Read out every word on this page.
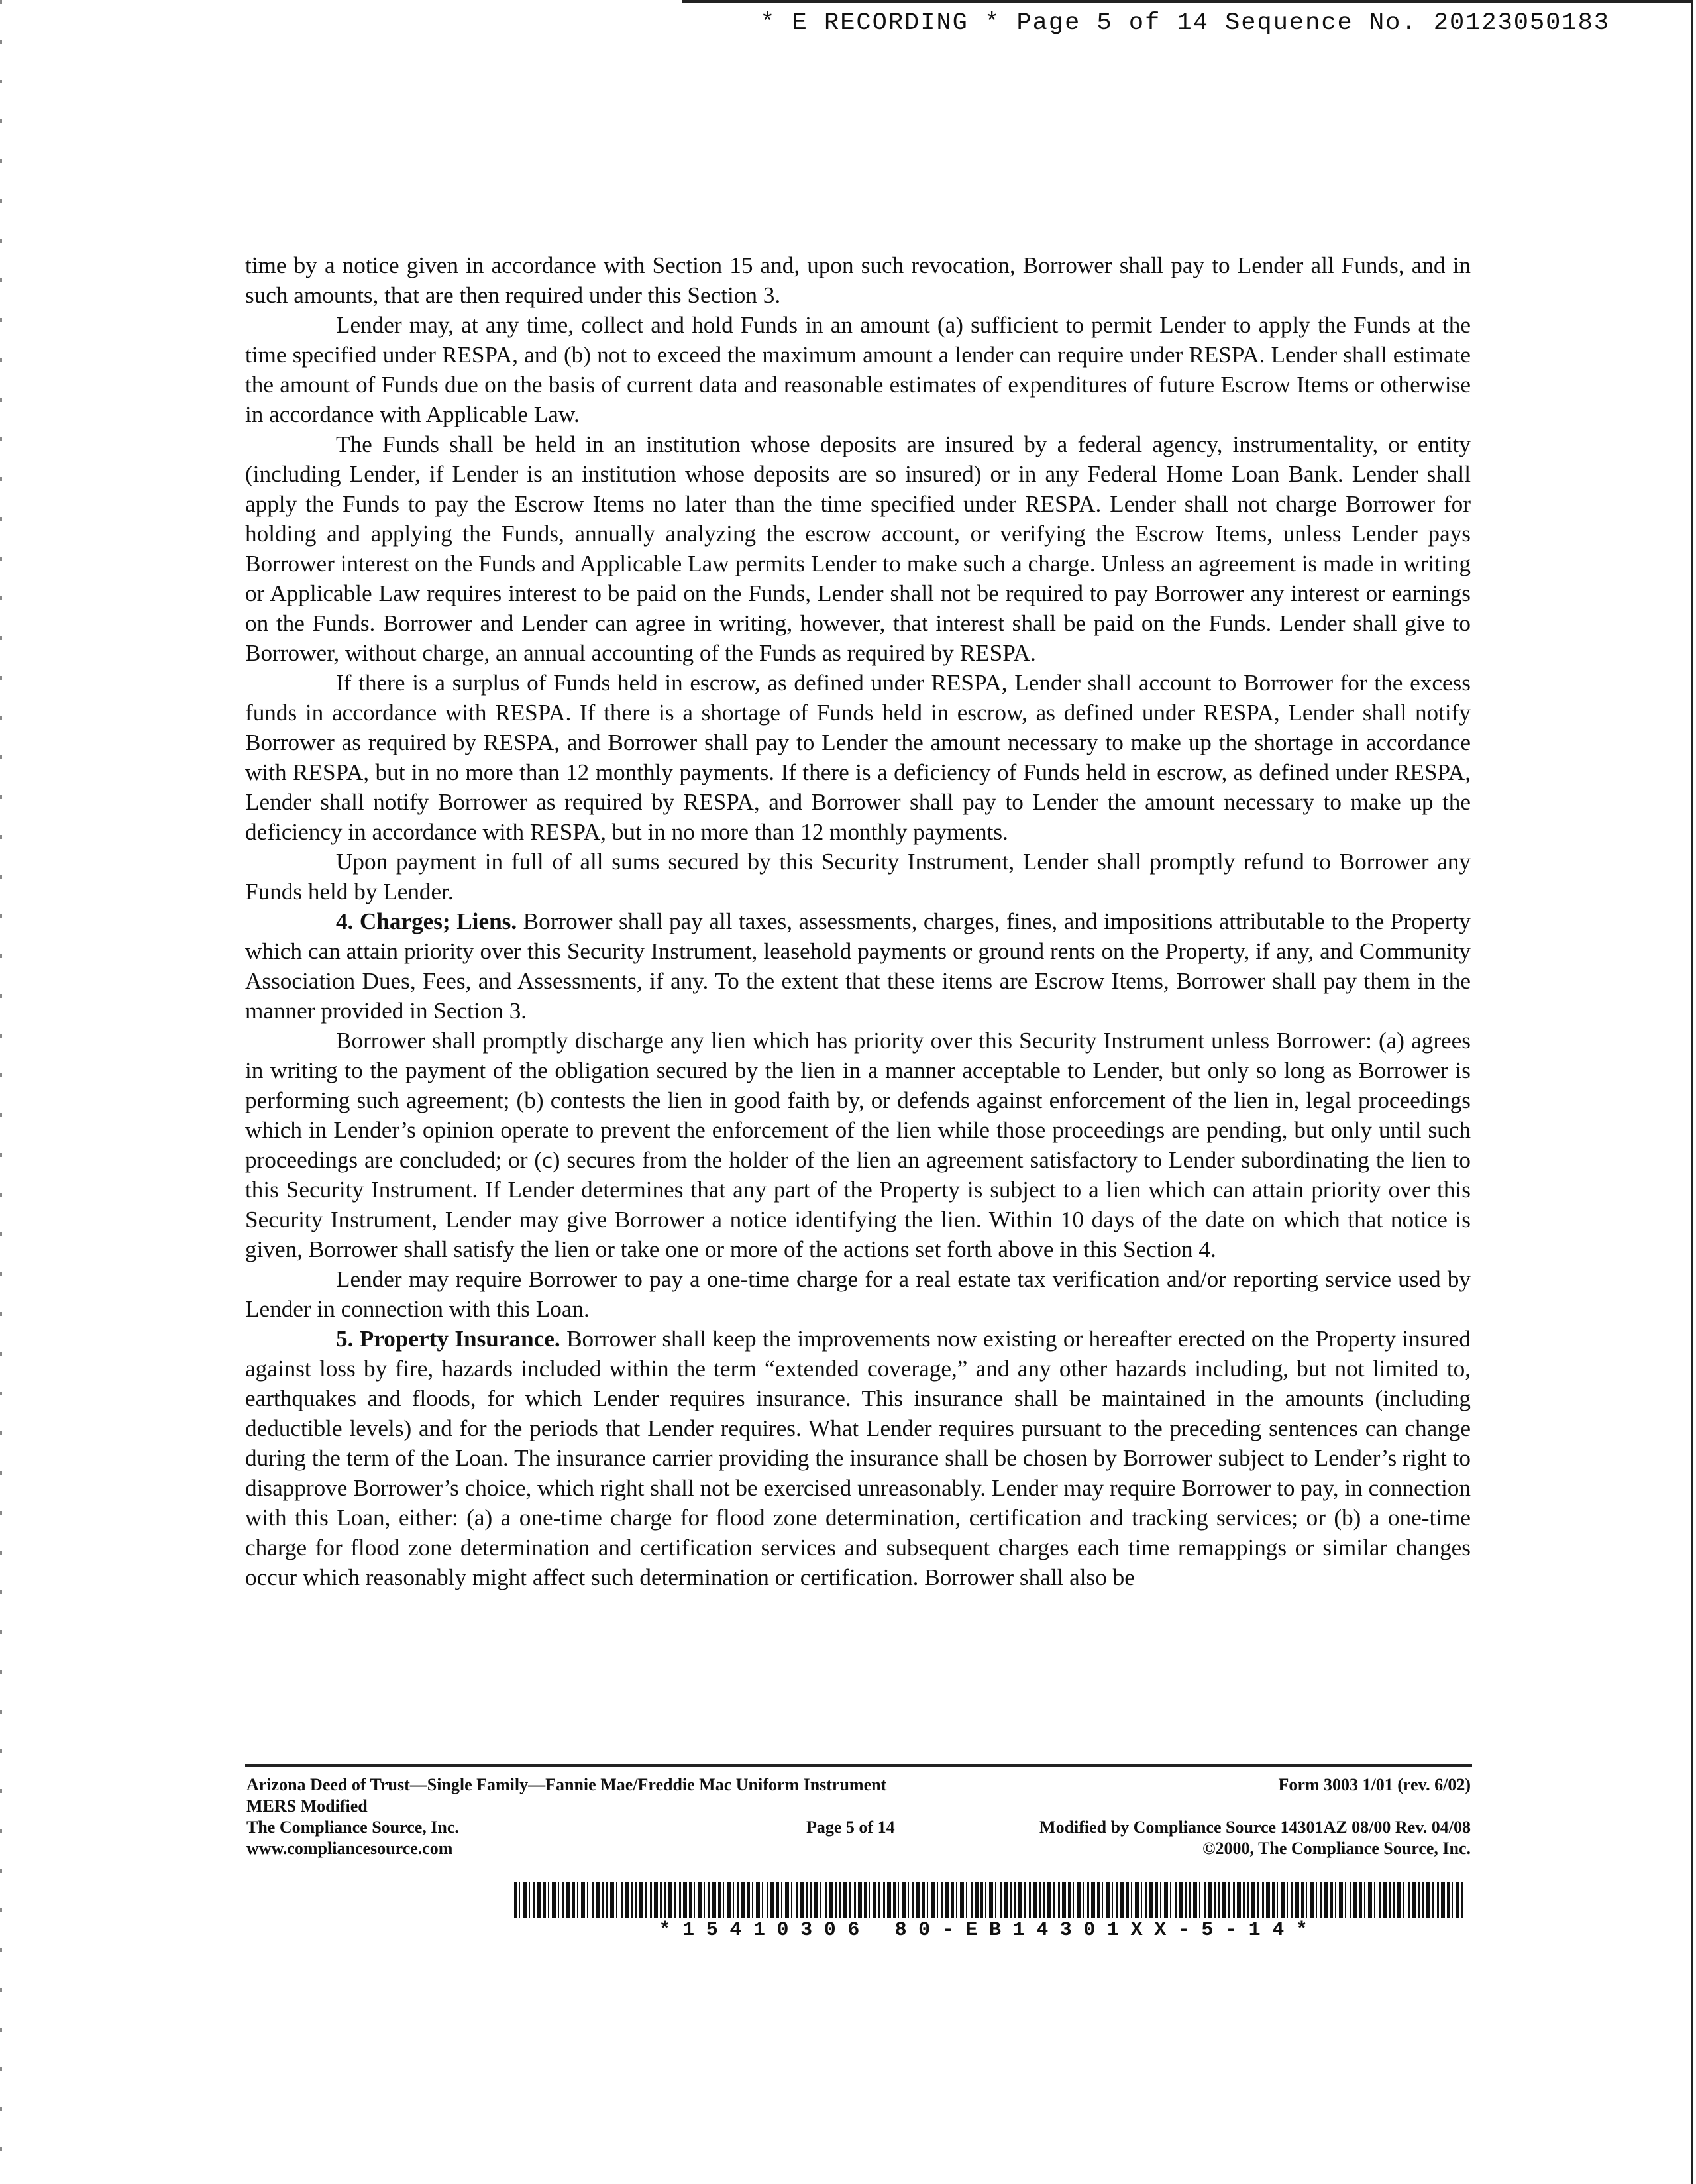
* E RECORDING * Page 5 of 14 Sequence No. 20123050183

time by a notice given in accordance with Section 15 and, upon such revocation, Borrower shall pay to Lender all Funds, and in such amounts, that are then required under this Section 3.

Lender may, at any time, collect and hold Funds in an amount (a) sufficient to permit Lender to apply the Funds at the time specified under RESPA, and (b) not to exceed the maximum amount a lender can require under RESPA. Lender shall estimate the amount of Funds due on the basis of current data and reasonable estimates of expenditures of future Escrow Items or otherwise in accordance with Applicable Law.

The Funds shall be held in an institution whose deposits are insured by a federal agency, instrumentality, or entity (including Lender, if Lender is an institution whose deposits are so insured) or in any Federal Home Loan Bank. Lender shall apply the Funds to pay the Escrow Items no later than the time specified under RESPA. Lender shall not charge Borrower for holding and applying the Funds, annually analyzing the escrow account, or verifying the Escrow Items, unless Lender pays Borrower interest on the Funds and Applicable Law permits Lender to make such a charge. Unless an agreement is made in writing or Applicable Law requires interest to be paid on the Funds, Lender shall not be required to pay Borrower any interest or earnings on the Funds. Borrower and Lender can agree in writing, however, that interest shall be paid on the Funds. Lender shall give to Borrower, without charge, an annual accounting of the Funds as required by RESPA.

If there is a surplus of Funds held in escrow, as defined under RESPA, Lender shall account to Borrower for the excess funds in accordance with RESPA. If there is a shortage of Funds held in escrow, as defined under RESPA, Lender shall notify Borrower as required by RESPA, and Borrower shall pay to Lender the amount necessary to make up the shortage in accordance with RESPA, but in no more than 12 monthly payments. If there is a deficiency of Funds held in escrow, as defined under RESPA, Lender shall notify Borrower as required by RESPA, and Borrower shall pay to Lender the amount necessary to make up the deficiency in accordance with RESPA, but in no more than 12 monthly payments.

Upon payment in full of all sums secured by this Security Instrument, Lender shall promptly refund to Borrower any Funds held by Lender.

4. Charges; Liens. Borrower shall pay all taxes, assessments, charges, fines, and impositions attributable to the Property which can attain priority over this Security Instrument, leasehold payments or ground rents on the Property, if any, and Community Association Dues, Fees, and Assessments, if any. To the extent that these items are Escrow Items, Borrower shall pay them in the manner provided in Section 3.

Borrower shall promptly discharge any lien which has priority over this Security Instrument unless Borrower: (a) agrees in writing to the payment of the obligation secured by the lien in a manner acceptable to Lender, but only so long as Borrower is performing such agreement; (b) contests the lien in good faith by, or defends against enforcement of the lien in, legal proceedings which in Lender’s opinion operate to prevent the enforcement of the lien while those proceedings are pending, but only until such proceedings are concluded; or (c) secures from the holder of the lien an agreement satisfactory to Lender subordinating the lien to this Security Instrument. If Lender determines that any part of the Property is subject to a lien which can attain priority over this Security Instrument, Lender may give Borrower a notice identifying the lien. Within 10 days of the date on which that notice is given, Borrower shall satisfy the lien or take one or more of the actions set forth above in this Section 4.

Lender may require Borrower to pay a one-time charge for a real estate tax verification and/or reporting service used by Lender in connection with this Loan.

5. Property Insurance. Borrower shall keep the improvements now existing or hereafter erected on the Property insured against loss by fire, hazards included within the term “extended coverage,” and any other hazards including, but not limited to, earthquakes and floods, for which Lender requires insurance. This insurance shall be maintained in the amounts (including deductible levels) and for the periods that Lender requires. What Lender requires pursuant to the preceding sentences can change during the term of the Loan. The insurance carrier providing the insurance shall be chosen by Borrower subject to Lender’s right to disapprove Borrower’s choice, which right shall not be exercised unreasonably. Lender may require Borrower to pay, in connection with this Loan, either: (a) a one-time charge for flood zone determination, certification and tracking services; or (b) a one-time charge for flood zone determination and certification services and subsequent charges each time remappings or similar changes occur which reasonably might affect such determination or certification. Borrower shall also be

Arizona Deed of Trust—Single Family—Fannie Mae/Freddie Mac Uniform Instrument	Form 3003 1/01 (rev. 6/02)
MERS Modified
The Compliance Source, Inc.	Page 5 of 14	Modified by Compliance Source 14301AZ 08/00 Rev. 04/08
www.compliancesource.com	©2000, The Compliance Source, Inc.
*15410306 80-EB14301XX-5-14*
